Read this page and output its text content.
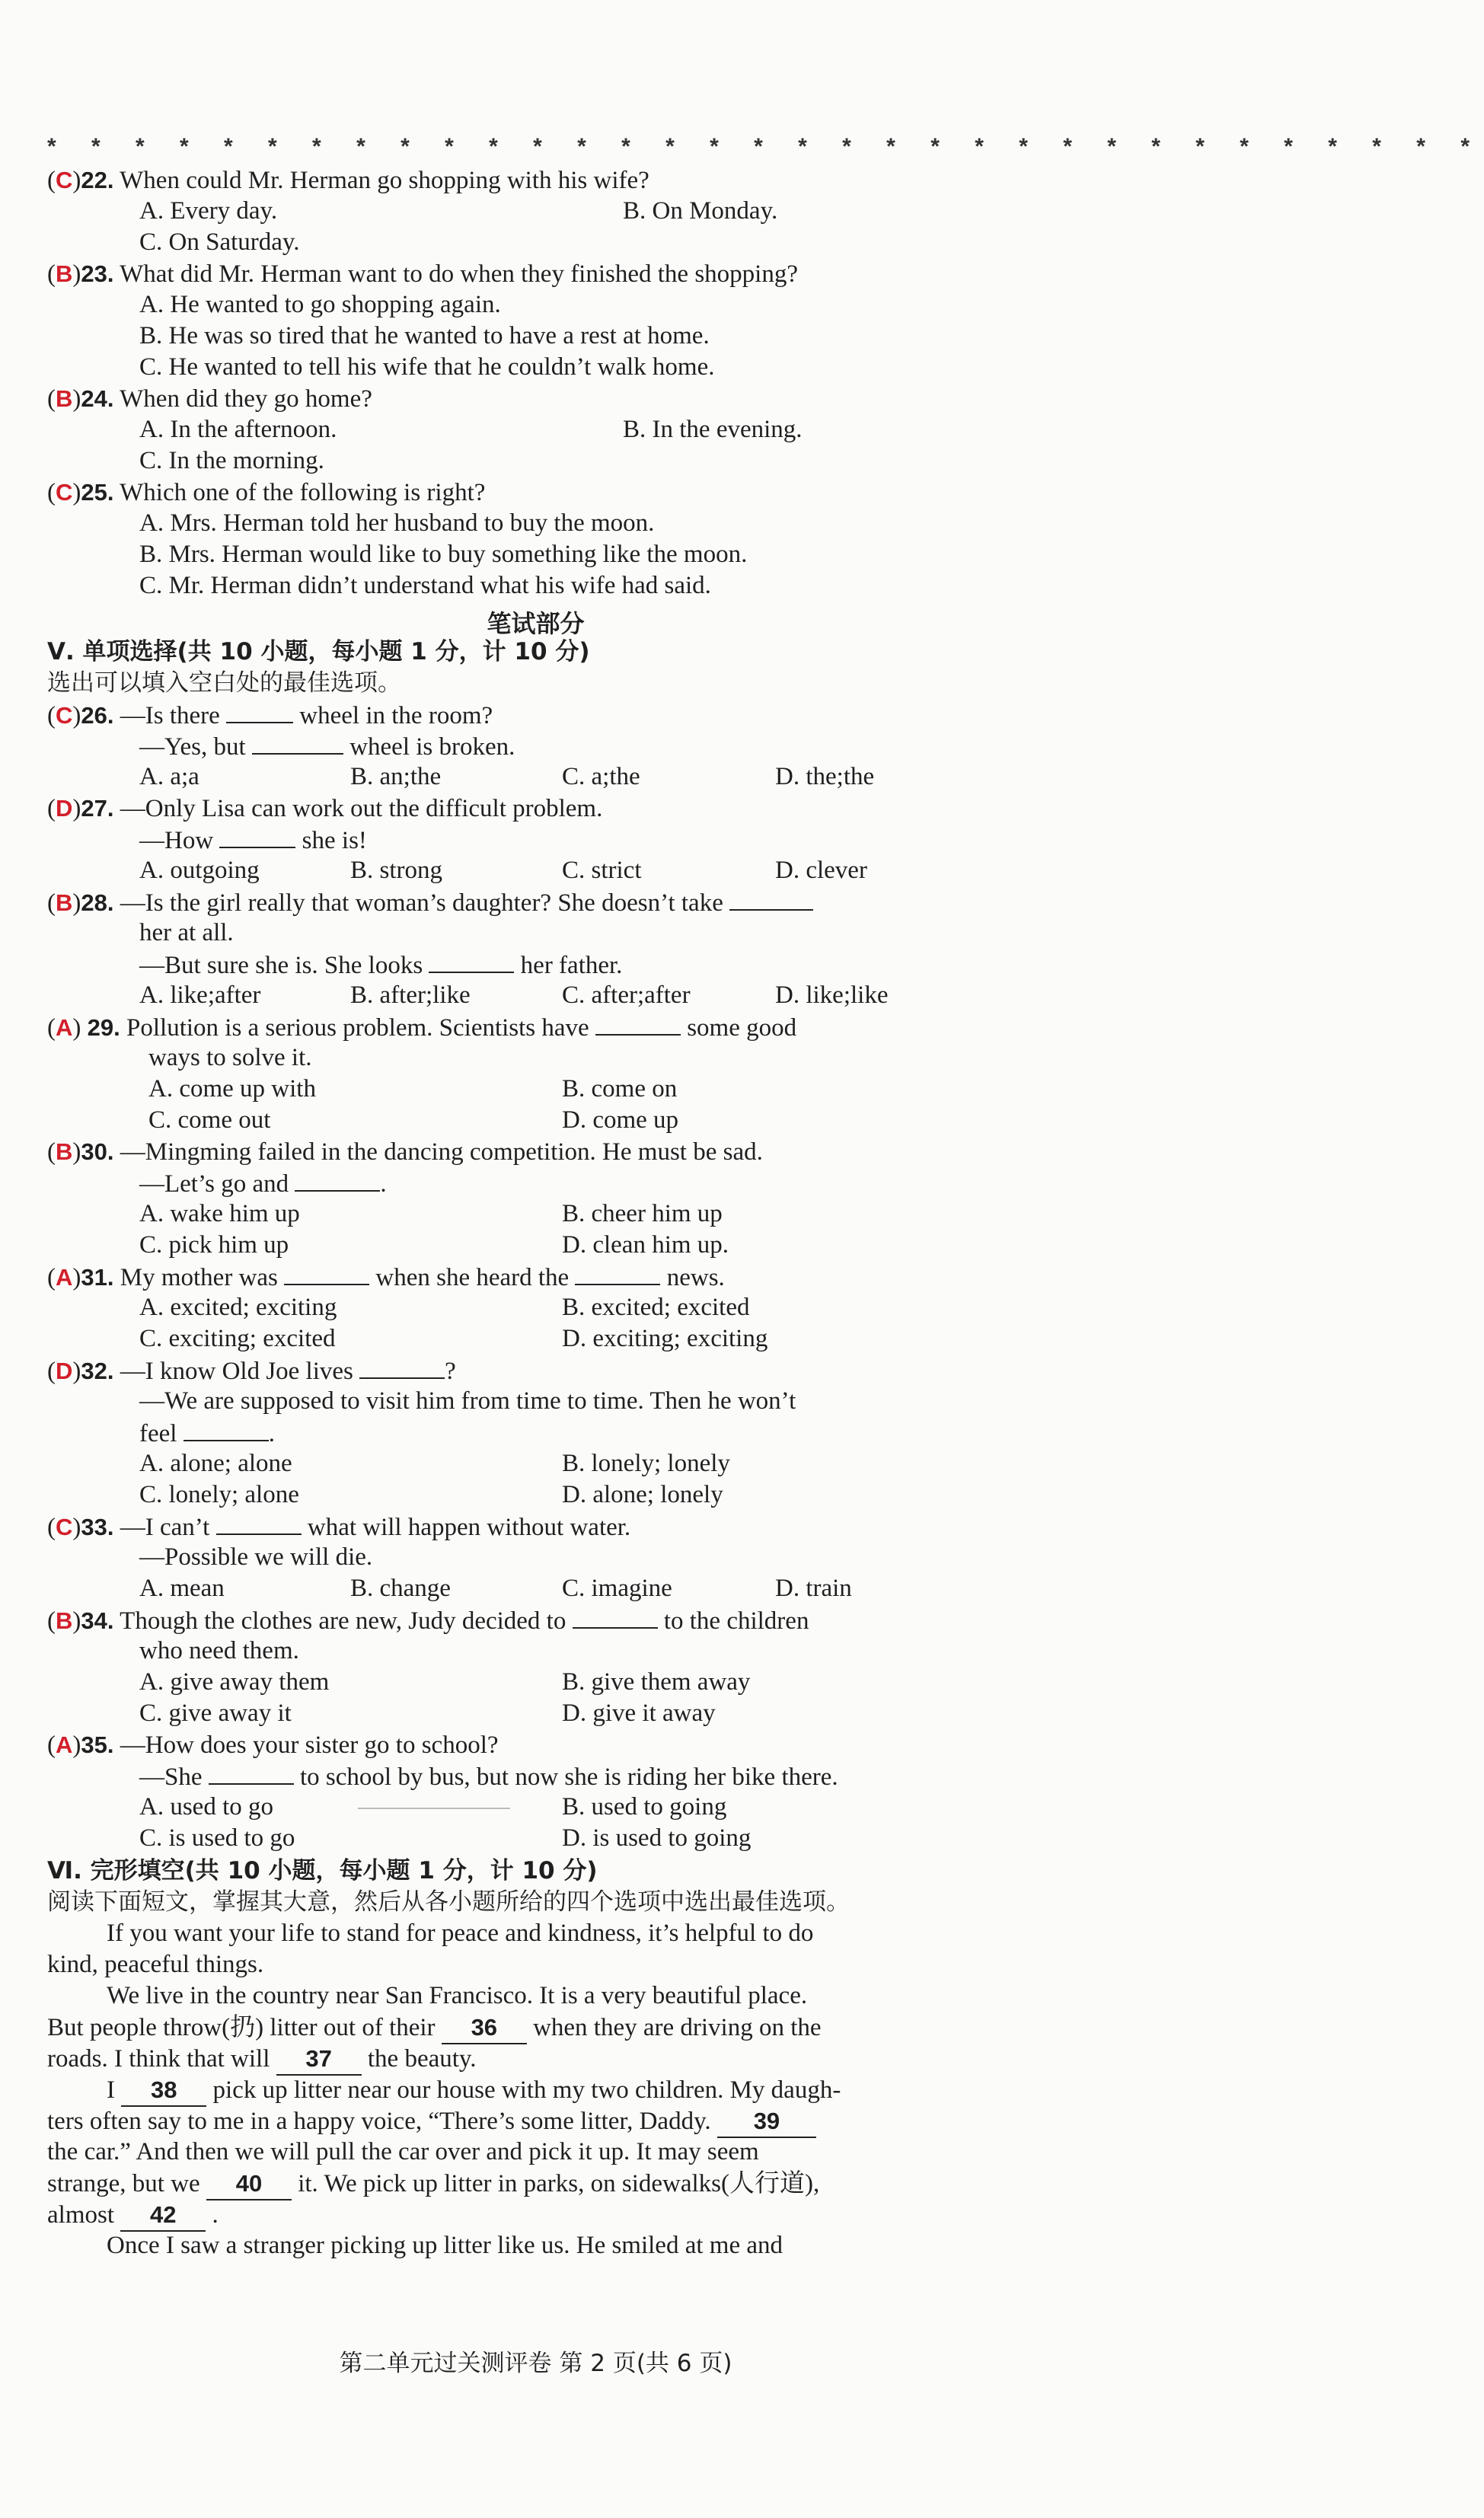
* * * * * * * * * * * * * * * * * * * * * * * * * * * * * * * * *
(C)22. When could Mr. Herman go shopping with his wife?
A. Every day.	B. On Monday.
C. On Saturday.
(B)23. What did Mr. Herman want to do when they finished the shopping?
A. He wanted to go shopping again.
B. He was so tired that he wanted to have a rest at home.
C. He wanted to tell his wife that he couldn’t walk home.
(B)24. When did they go home?
A. In the afternoon.	B. In the evening.
C. In the morning.
(C)25. Which one of the following is right?
A. Mrs. Herman told her husband to buy the moon.
B. Mrs. Herman would like to buy something like the moon.
C. Mr. Herman didn’t understand what his wife had said.
笔试部分
Ⅴ. 单项选择(共 10 小题，每小题 1 分，计 10 分)
选出可以填入空白处的最佳选项。
(C)26. —Is there	wheel in the room?
—Yes, but	wheel is broken.
A. a;a	B. an;the	C. a;the	D. the;the
(D)27. —Only Lisa can work out the difficult problem.
—How	she is!
A. outgoing	B. strong	C. strict	D. clever
(B)28. —Is the girl really that woman’s daughter? She doesn’t take
her at all.
—But sure she is. She looks	her father.
A. like;after	B. after;like	C. after;after	D. like;like
(A) 29. Pollution is a serious problem. Scientists have	some good
ways to solve it.
A. come up with	B. come on
C. come out	D. come up
(B)30. —Mingming failed in the dancing competition. He must be sad.
—Let’s go and	.
A. wake him up	B. cheer him up
C. pick him up	D. clean him up.
(A)31. My mother was	when she heard the	news.
A. excited; exciting	B. excited; excited
C. exciting; excited	D. exciting; exciting
(D)32. —I know Old Joe lives	?
—We are supposed to visit him from time to time. Then he won’t
feel	.
A. alone; alone	B. lonely; lonely
C. lonely; alone	D. alone; lonely
(C)33. —I can’t	what will happen without water.
—Possible we will die.
A. mean	B. change	C. imagine	D. train
(B)34. Though the clothes are new, Judy decided to	to the children
who need them.
A. give away them	B. give them away
C. give away it	D. give it away
(A)35. —How does your sister go to school?
—She	to school by bus, but now she is riding her bike there.
A. used to go	B. used to going
C. is used to go	D. is used to going
Ⅵ. 完形填空(共 10 小题，每小题 1 分，计 10 分)
阅读下面短文，掌握其大意，然后从各小题所给的四个选项中选出最佳选项。
If you want your life to stand for peace and kindness, it’s helpful to do
kind, peaceful things.
We live in the country near San Francisco. It is a very beautiful place.
But people throw(扔) litter out of their 36 when they are driving on the
roads. I think that will 37 the beauty.
I 38 pick up litter near our house with my two children. My daugh-
ters often say to me in a happy voice, “There’s some litter, Daddy. 39
the car.” And then we will pull the car over and pick it up. It may seem
strange, but we 40 it. We pick up litter in parks, on sidewalks(人行道),
almost 42 .
Once I saw a stranger picking up litter like us. He smiled at me and
第二单元过关测评卷 第 2 页(共 6 页)
